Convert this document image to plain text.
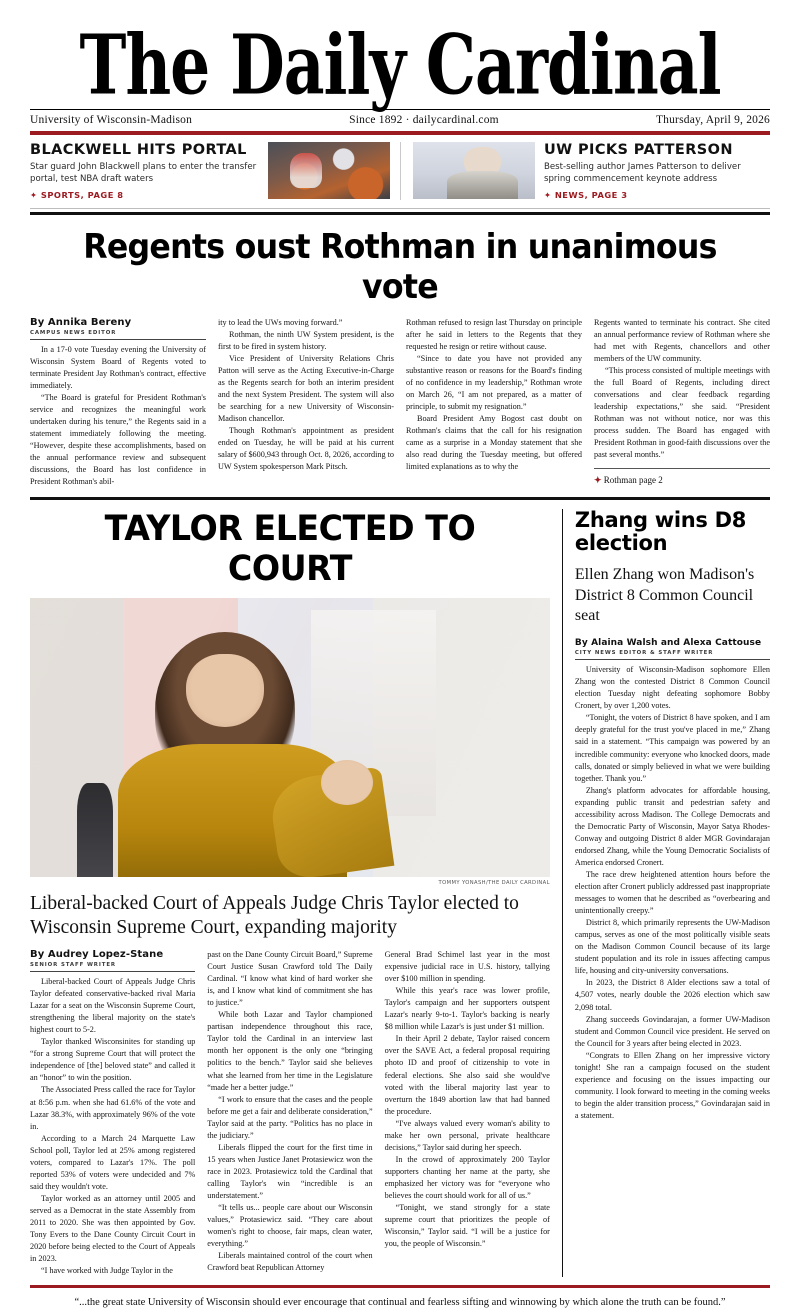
The Daily Cardinal
University of Wisconsin-Madison	Since 1892 · dailycardinal.com	Thursday, April 9, 2026
BLACKWELL HITS PORTAL
Star guard John Blackwell plans to enter the transfer portal, test NBA draft waters
✦ SPORTS, PAGE 8
UW PICKS PATTERSON
Best-selling author James Patterson to deliver spring commencement keynote address
✦ NEWS, PAGE 3
Regents oust Rothman in unanimous vote
By Annika Bereny
CAMPUS NEWS EDITOR

In a 17-0 vote Tuesday evening the University of Wisconsin System Board of Regents voted to terminate President Jay Rothman's contract, effective immediately.

“The Board is grateful for President Rothman's service and recognizes the meaningful work undertaken during his tenure,” the Regents said in a statement immediately following the meeting. “However, despite these accomplishments, based on the annual performance review and subsequent discussions, the Board has lost confidence in President Rothman's abil-

ity to lead the UWs moving forward.”

Rothman, the ninth UW System president, is the first to be fired in system history.

Vice President of University Relations Chris Patton will serve as the Acting Executive-in-Charge as the Regents search for both an interim president and the next System President. The system will also be searching for a new University of Wisconsin-Madison chancellor.

Though Rothman's appointment as president ended on Tuesday, he will be paid at his current salary of $600,943 through Oct. 8, 2026, according to UW System spokesperson Mark Pitsch.

Rothman refused to resign last Thursday on principle after he said in letters to the Regents that they requested he resign or retire without cause.

“Since to date you have not provided any substantive reason or reasons for the Board's finding of no confidence in my leadership,” Rothman wrote on March 26, “I am not prepared, as a matter of principle, to submit my resignation.”

Board President Amy Bogost cast doubt on Rothman's claims that the call for his resignation came as a surprise in a Monday statement that she also read during the Tuesday meeting, but offered limited explanations as to why the

Regents wanted to terminate his contract. She cited an annual performance review of Rothman where she had met with Regents, chancellors and other members of the UW community.

“This process consisted of multiple meetings with the full Board of Regents, including direct conversations and clear feedback regarding leadership expectations,” she said. “President Rothman was not without notice, nor was this process sudden. The Board has engaged with President Rothman in good-faith discussions over the past several months.”

✦ Rothman page 2
TAYLOR ELECTED TO COURT
TOMMY YONASH/THE DAILY CARDINAL
Liberal-backed Court of Appeals Judge Chris Taylor elected to Wisconsin Supreme Court, expanding majority
By Audrey Lopez-Stane
SENIOR STAFF WRITER

Liberal-backed Court of Appeals Judge Chris Taylor defeated conservative-backed rival Maria Lazar for a seat on the Wisconsin Supreme Court, strengthening the liberal majority on the state's highest court to 5-2.

Taylor thanked Wisconsinites for standing up “for a strong Supreme Court that will protect the independence of [the] beloved state” and called it an “honor” to win the position.

The Associated Press called the race for Taylor at 8:56 p.m. when she had 61.6% of the vote and Lazar 38.3%, with approximately 96% of the vote in.

According to a March 24 Marquette Law School poll, Taylor led at 25% among registered voters, compared to Lazar's 17%. The poll reported 53% of voters were undecided and 7% said they wouldn't vote.

Taylor worked as an attorney until 2005 and served as a Democrat in the state Assembly from 2011 to 2020. She was then appointed by Gov. Tony Evers to the Dane County Circuit Court in 2020 before being elected to the Court of Appeals in 2023.

“I have worked with Judge Taylor in the

past on the Dane County Circuit Board,” Supreme Court Justice Susan Crawford told The Daily Cardinal. “I know what kind of hard worker she is, and I know what kind of commitment she has to justice.”

While both Lazar and Taylor championed partisan independence throughout this race, Taylor told the Cardinal in an interview last month her opponent is the only one “bringing politics to the bench.” Taylor said she believes what she learned from her time in the Legislature “made her a better judge.”

“I work to ensure that the cases and the people before me get a fair and deliberate consideration,” Taylor said at the party. “Politics has no place in the judiciary.”

Liberals flipped the court for the first time in 15 years when Justice Janet Protasiewicz won the race in 2023. Protasiewicz told the Cardinal that calling Taylor's win “incredible is an understatement.”

“It tells us... people care about our Wisconsin values,” Protasiewicz said. “They care about women's right to choose, fair maps, clean water, everything.”

Liberals maintained control of the court when Crawford beat Republican Attorney

General Brad Schimel last year in the most expensive judicial race in U.S. history, tallying over $100 million in spending.

While this year's race was lower profile, Taylor's campaign and her supporters outspent Lazar's nearly 9-to-1. Taylor's backing is nearly $8 million while Lazar's is just under $1 million.

In their April 2 debate, Taylor raised concern over the SAVE Act, a federal proposal requiring photo ID and proof of citizenship to vote in federal elections. She also said she would've voted with the liberal majority last year to overturn the 1849 abortion law that had banned the procedure.

“I've always valued every woman's ability to make her own personal, private healthcare decisions,” Taylor said during her speech.

In the crowd of approximately 200 Taylor supporters chanting her name at the party, she emphasized her victory was for “everyone who believes the court should work for all of us.”

“Tonight, we stand strongly for a state supreme court that prioritizes the people of Wisconsin,” Taylor said. “I will be a justice for you, the people of Wisconsin.”

Zhang wins D8 election
Ellen Zhang won Madison's District 8 Common Council seat
By Alaina Walsh and Alexa Cattouse
CITY NEWS EDITOR & STAFF WRITER

University of Wisconsin-Madison sophomore Ellen Zhang won the contested District 8 Common Council election Tuesday night defeating sophomore Bobby Cronert, by over 1,200 votes.

“Tonight, the voters of District 8 have spoken, and I am deeply grateful for the trust you've placed in me,” Zhang said in a statement. “This campaign was powered by an incredible community: everyone who knocked doors, made calls, donated or simply believed in what we were building together. Thank you.”

Zhang's platform advocates for affordable housing, expanding public transit and pedestrian safety and accessibility across Madison. The College Democrats and the Democratic Party of Wisconsin, Mayor Satya Rhodes-Conway and outgoing District 8 alder MGR Govindarajan endorsed Zhang, while the Young Democratic Socialists of America endorsed Cronert.

The race drew heightened attention hours before the election after Cronert publicly addressed past inappropriate messages to women that he described as “overbearing and unintentionally creepy.”

District 8, which primarily represents the UW-Madison campus, serves as one of the most politically visible seats on the Madison Common Council because of its large student population and its role in issues affecting campus life, housing and city-university conversations.

In 2023, the District 8 Alder elections saw a total of 4,507 votes, nearly double the 2026 election which saw 2,098 total.

Zhang succeeds Govindarajan, a former UW-Madison student and Common Council vice president. He served on the Council for 3 years after being elected in 2023.

“Congrats to Ellen Zhang on her impressive victory tonight! She ran a campaign focused on the student experience and focusing on the issues impacting our community. I look forward to meeting in the coming weeks to begin the alder transition process,” Govindarajan said in a statement.

“...the great state University of Wisconsin should ever encourage that continual and fearless sifting and winnowing by which alone the truth can be found.”
